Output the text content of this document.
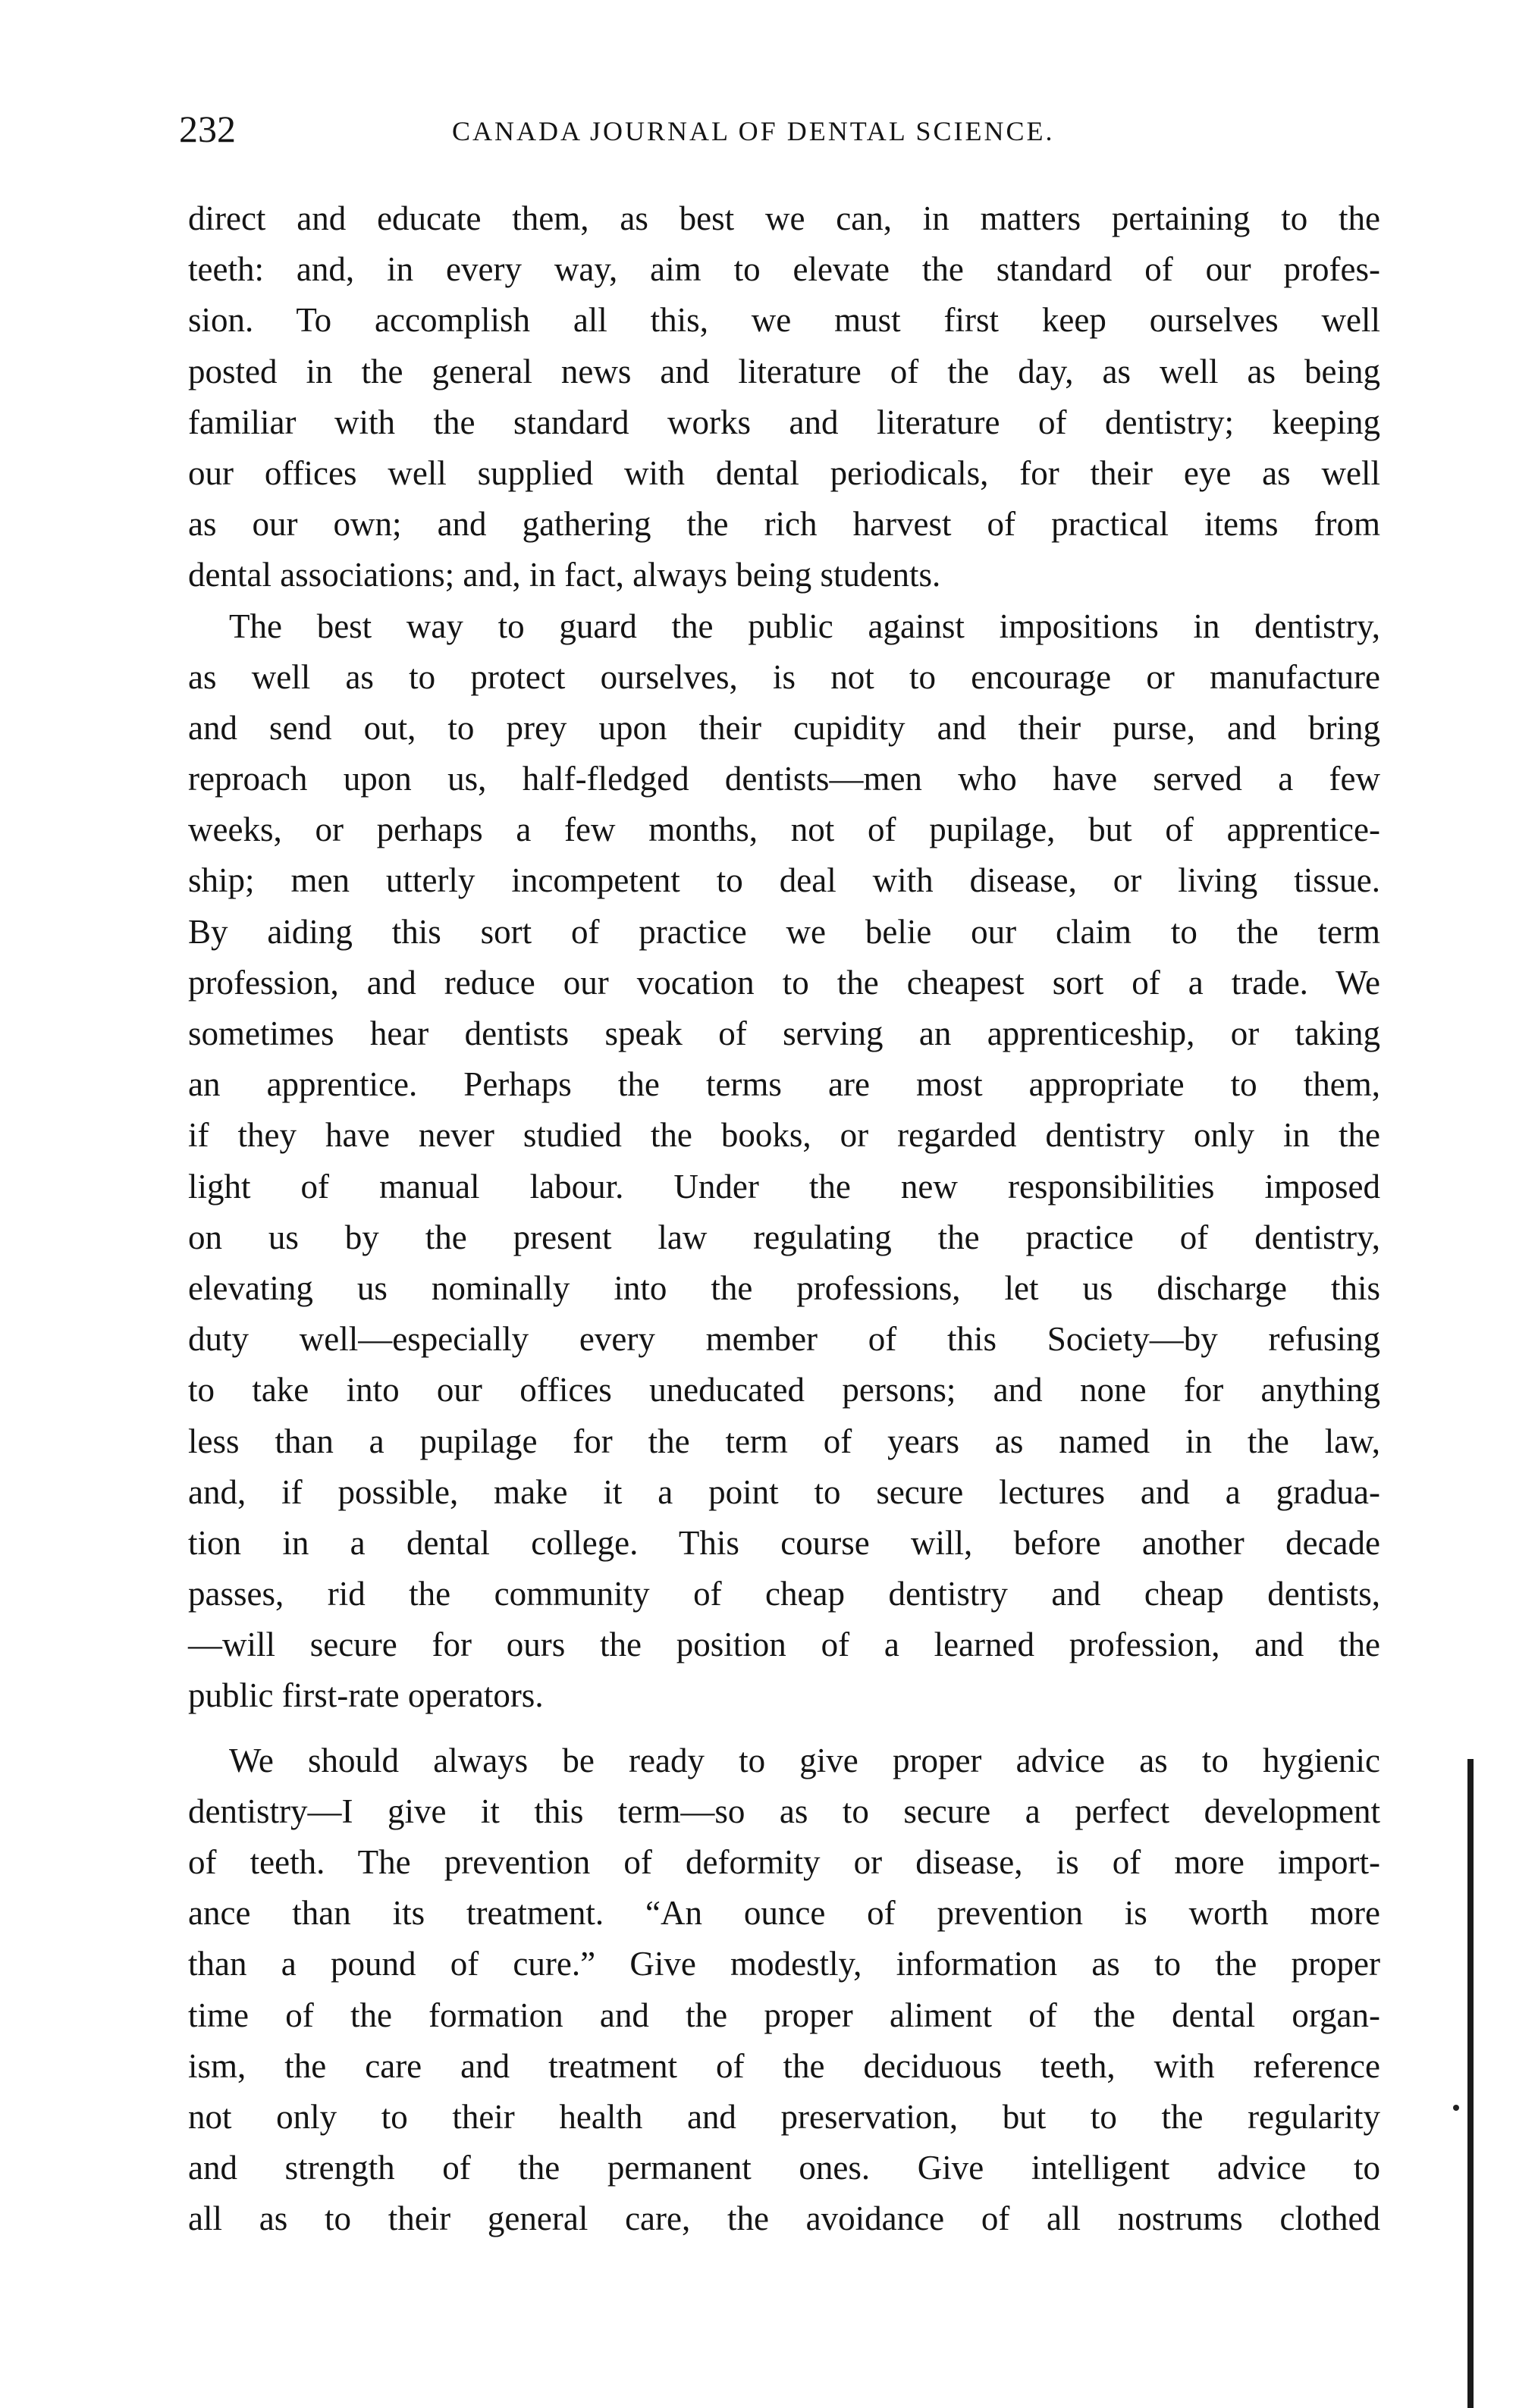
232	CANADA JOURNAL OF DENTAL SCIENCE.
direct and educate them, as best we can, in matters pertaining to the
teeth: and, in every way, aim to elevate the standard of our profes-
sion. To accomplish all this, we must first keep ourselves well
posted in the general news and literature of the day, as well as being
familiar with the standard works and literature of dentistry; keeping
our offices well supplied with dental periodicals, for their eye as well
as our own; and gathering the rich harvest of practical items from
dental associations; and, in fact, always being students.
The best way to guard the public against impositions in dentistry,
as well as to protect ourselves, is not to encourage or manufacture
and send out, to prey upon their cupidity and their purse, and bring
reproach upon us, half-fledged dentists—men who have served a few
weeks, or perhaps a few months, not of pupilage, but of apprentice-
ship; men utterly incompetent to deal with disease, or living tissue.
By aiding this sort of practice we belie our claim to the term
profession, and reduce our vocation to the cheapest sort of a trade. We
sometimes hear dentists speak of serving an apprenticeship, or taking
an apprentice. Perhaps the terms are most appropriate to them,
if they have never studied the books, or regarded dentistry only in the
light of manual labour. Under the new responsibilities imposed
on us by the present law regulating the practice of dentistry,
elevating us nominally into the professions, let us discharge this
duty well—especially every member of this Society—by refusing
to take into our offices uneducated persons; and none for anything
less than a pupilage for the term of years as named in the law,
and, if possible, make it a point to secure lectures and a gradua-
tion in a dental college. This course will, before another decade
passes, rid the community of cheap dentistry and cheap dentists,
—will secure for ours the position of a learned profession, and the
public first-rate operators.
We should always be ready to give proper advice as to hygienic
dentistry—I give it this term—so as to secure a perfect development
of teeth. The prevention of deformity or disease, is of more import-
ance than its treatment. “An ounce of prevention is worth more
than a pound of cure.” Give modestly, information as to the proper
time of the formation and the proper aliment of the dental organ-
ism, the care and treatment of the deciduous teeth, with reference
not only to their health and preservation, but to the regularity
and strength of the permanent ones. Give intelligent advice to
all as to their general care, the avoidance of all nostrums clothed
